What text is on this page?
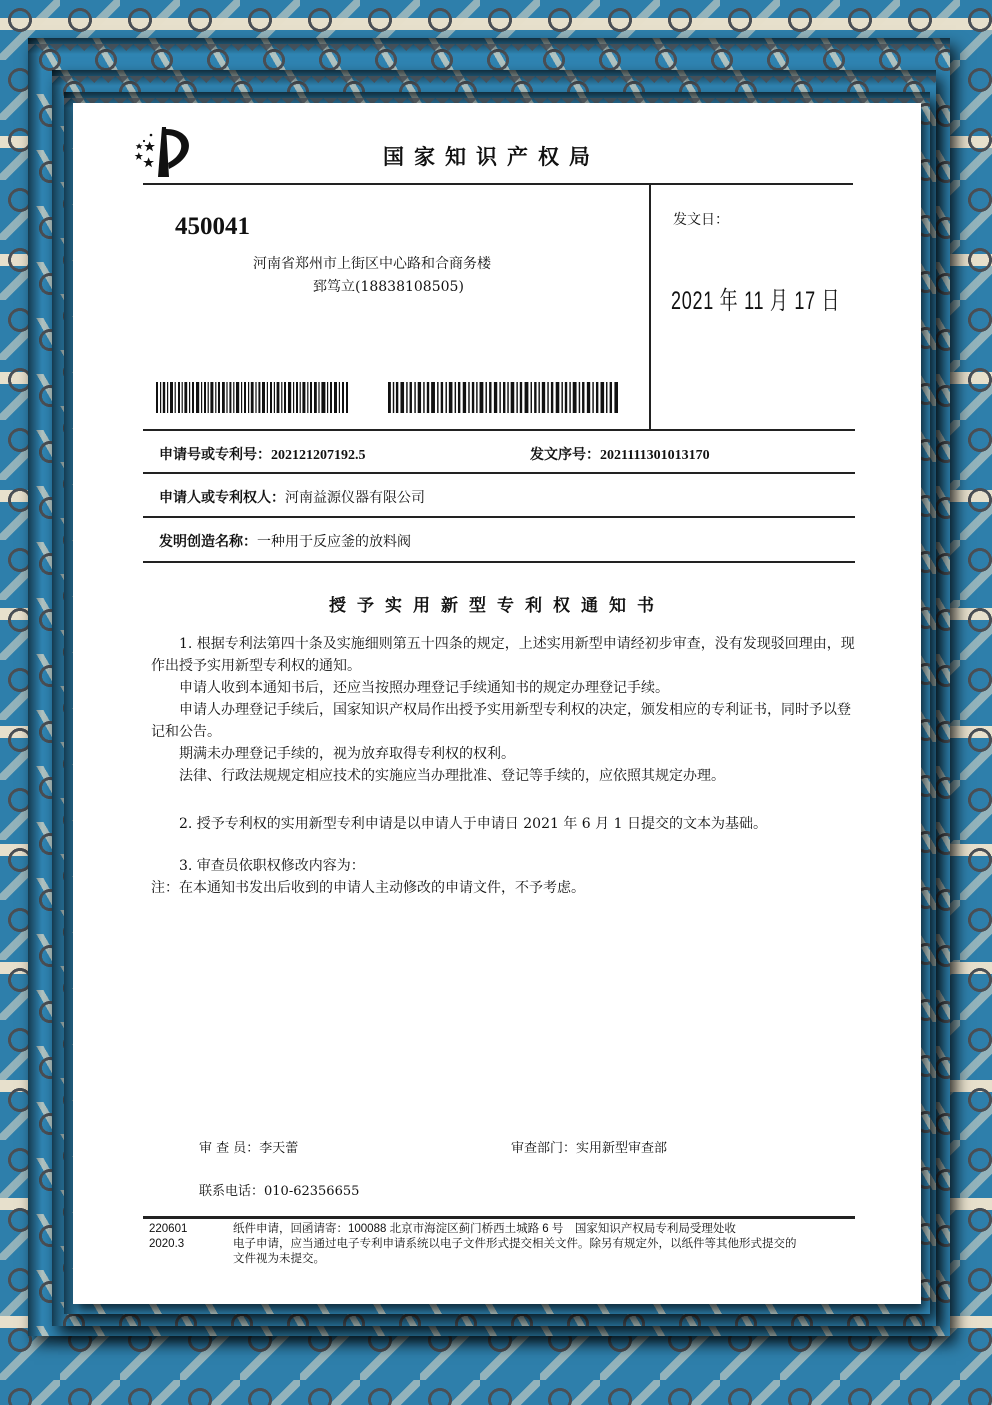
国家知识产权局
450041
河南省郑州市上街区中心路和合商务楼
郅笃立(18838108505)
发文日：
2021 年 11 月 17 日
申请号或专利号：202121207192.5	发文序号：2021111301013170
申请人或专利权人：河南益源仪器有限公司
发明创造名称：一种用于反应釜的放料阀
授予实用新型专利权通知书

1. 根据专利法第四十条及实施细则第五十四条的规定，上述实用新型申请经初步审查，没有发现驳回理由，现作出授予实用新型专利权的通知。

申请人收到本通知书后，还应当按照办理登记手续通知书的规定办理登记手续。

申请人办理登记手续后，国家知识产权局作出授予实用新型专利权的决定，颁发相应的专利证书，同时予以登记和公告。

期满未办理登记手续的，视为放弃取得专利权的权利。

法律、行政法规规定相应技术的实施应当办理批准、登记等手续的，应依照其规定办理。

2. 授予专利权的实用新型专利申请是以申请人于申请日 2021 年 6 月 1 日提交的文本为基础。

3. 审查员依职权修改内容为：

注：在本通知书发出后收到的申请人主动修改的申请文件，不予考虑。

审 查 员：李天蕾	审查部门：实用新型审查部
联系电话：010-62356655
220601
2020.3
纸件申请，回函请寄：100088 北京市海淀区蓟门桥西土城路 6 号　国家知识产权局专利局受理处收
电子申请，应当通过电子专利申请系统以电子文件形式提交相关文件。除另有规定外，以纸件等其他形式提交的
文件视为未提交。
